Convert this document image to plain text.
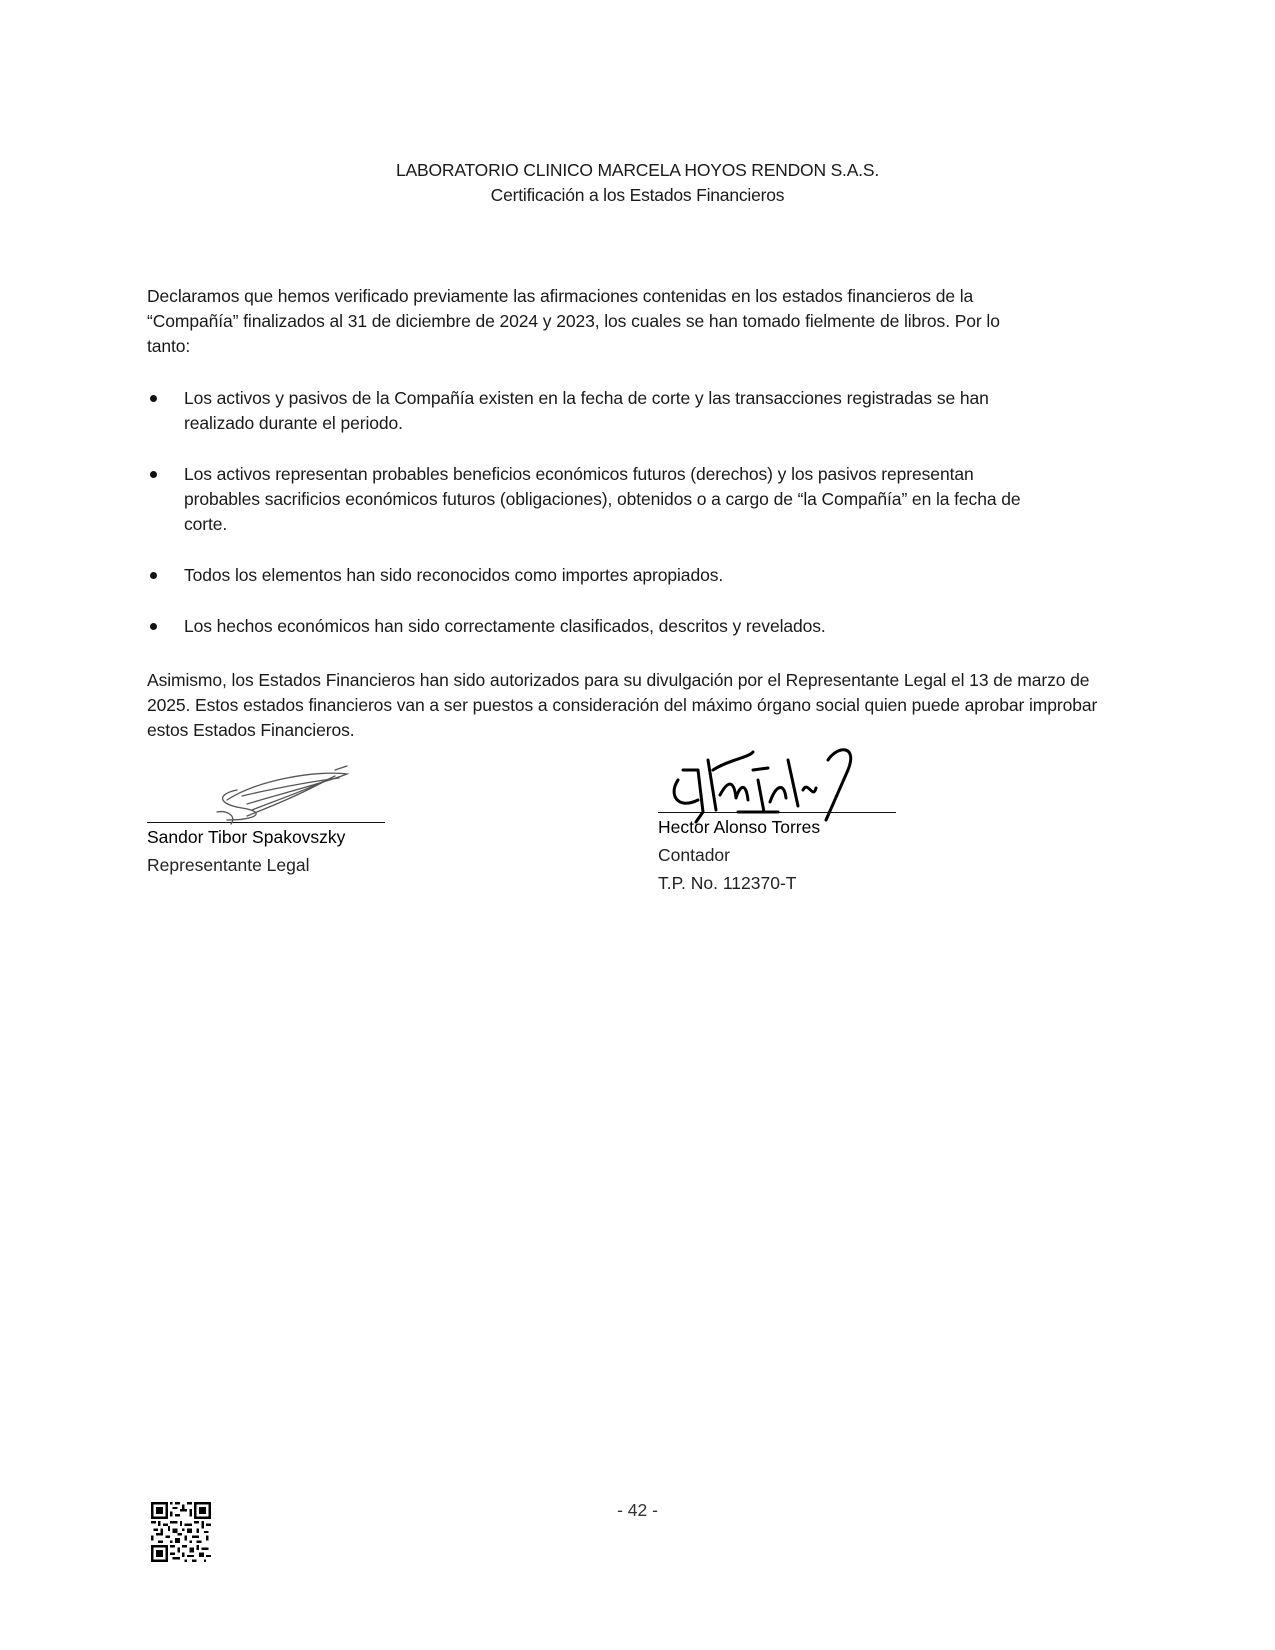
LABORATORIO CLINICO MARCELA HOYOS RENDON S.A.S.
Certificación a los Estados Financieros
Declaramos que hemos verificado previamente las afirmaciones contenidas en los estados financieros de la “Compañía” finalizados al 31 de diciembre de 2024 y 2023, los cuales se han tomado fielmente de libros. Por lo tanto:
Los activos y pasivos de la Compañía existen en la fecha de corte y las transacciones registradas se han realizado durante el periodo.
Los activos representan probables beneficios económicos futuros (derechos) y los pasivos representan probables sacrificios económicos futuros (obligaciones), obtenidos o a cargo de “la Compañía” en la fecha de corte.
Todos los elementos han sido reconocidos como importes apropiados.
Los hechos económicos han sido correctamente clasificados, descritos y revelados.
Asimismo, los Estados Financieros han sido autorizados para su divulgación por el Representante Legal el 13 de marzo de 2025. Estos estados financieros van a ser puestos a consideración del máximo órgano social quien puede aprobar improbar estos Estados Financieros.
Sandor Tibor Spakovszky
Representante Legal
Hector Alonso Torres
Contador
T.P. No. 112370-T
- 42 -
